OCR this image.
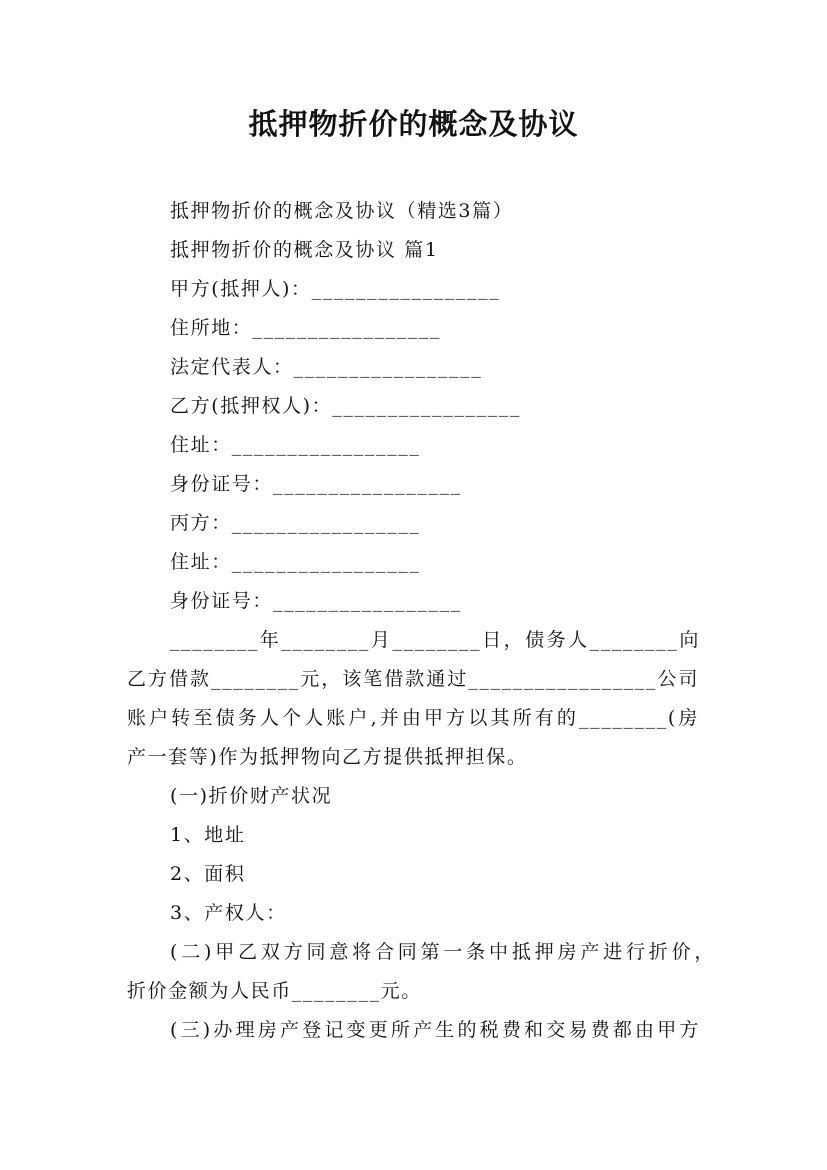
抵押物折价的概念及协议
抵押物折价的概念及协议（精选3篇）
抵押物折价的概念及协议 篇1
甲方(抵押人)：_________________
住所地：_________________
法定代表人：_________________
乙方(抵押权人)：_________________
住址：_________________
身份证号：_________________
丙方：_________________
住址：_________________
身份证号：_________________
________年________月________日，债务人________向
乙方借款________元，该笔借款通过_________________公司
账户转至债务人个人账户,并由甲方以其所有的________(房
产一套等)作为抵押物向乙方提供抵押担保。
(一)折价财产状况
1、地址
2、面积
3、产权人：
(二)甲乙双方同意将合同第一条中抵押房产进行折价，
折价金额为人民币________元。
(三)办理房产登记变更所产生的税费和交易费都由甲方
